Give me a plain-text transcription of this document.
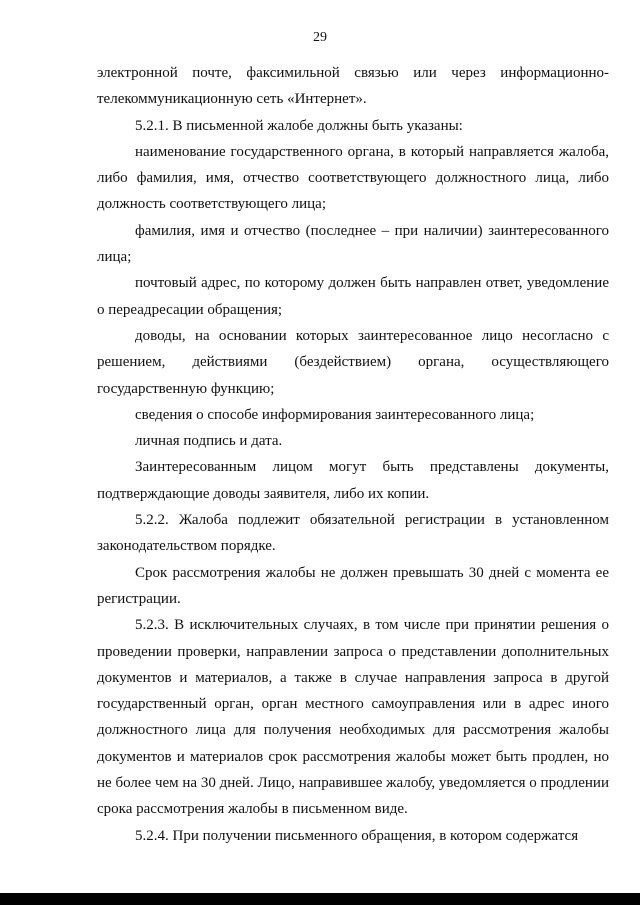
29

электронной почте, факсимильной связью или через информационно-телекоммуникационную сеть «Интернет».

5.2.1. В письменной жалобе должны быть указаны:

наименование государственного органа, в который направляется жалоба, либо фамилия, имя, отчество соответствующего должностного лица, либо должность соответствующего лица;

фамилия, имя и отчество (последнее – при наличии) заинтересованного лица;

почтовый адрес, по которому должен быть направлен ответ, уведомление о переадресации обращения;

доводы, на основании которых заинтересованное лицо несогласно с решением, действиями (бездействием) органа, осуществляющего государственную функцию;

сведения о способе информирования заинтересованного лица;

личная подпись и дата.

Заинтересованным лицом могут быть представлены документы, подтверждающие доводы заявителя, либо их копии.

5.2.2. Жалоба подлежит обязательной регистрации в установленном законодательством порядке.

Срок рассмотрения жалобы не должен превышать 30 дней с момента ее регистрации.

5.2.3. В исключительных случаях, в том числе при принятии решения о проведении проверки, направлении запроса о представлении дополнительных документов и материалов, а также в случае направления запроса в другой государственный орган, орган местного самоуправления или в адрес иного должностного лица для получения необходимых для рассмотрения жалобы документов и материалов срок рассмотрения жалобы может быть продлен, но не более чем на 30 дней. Лицо, направившее жалобу, уведомляется о продлении срока рассмотрения жалобы в письменном виде.

5.2.4. При получении письменного обращения, в котором содержатся
